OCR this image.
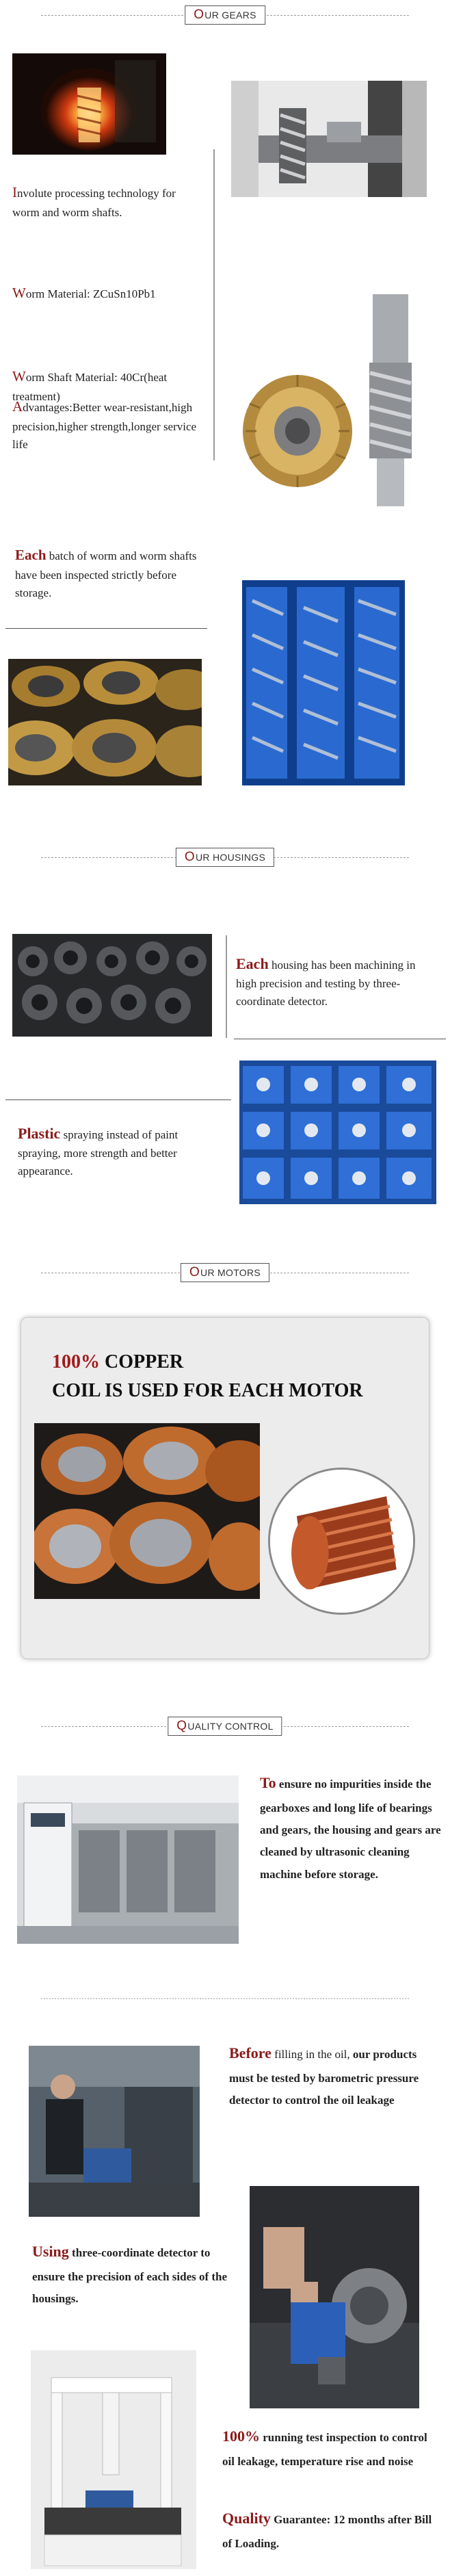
O UR GEARS
Involute processing technology for worm and worm shafts.
Worm Material: ZCuSn10Pb1
Worm Shaft Material: 40Cr(heat treatment)
Advantages:Better wear-resistant,high precision,higher strength,longer service life
Each batch of worm and worm shafts have been inspected strictly before storage.
O UR HOUSINGS
Each housing has been machining in high precision and testing by three-coordinate detector.
Plastic spraying instead of paint spraying, more strength and better appearance.
O UR MOTORS
100% COPPER
COIL IS USED FOR EACH MOTOR
Q UALITY CONTROL
To ensure no impurities inside the gearboxes and long life of bearings and gears, the housing and gears are cleaned by ultrasonic cleaning machine before storage.
Before filling in the oil, our products must be tested by barometric pressure detector to control the oil leakage
Using three-coordinate detector to ensure the precision of each sides of the housings.
100% running test inspection to control oil leakage, temperature rise and noise
Quality Guarantee: 12 months after Bill of Loading.
